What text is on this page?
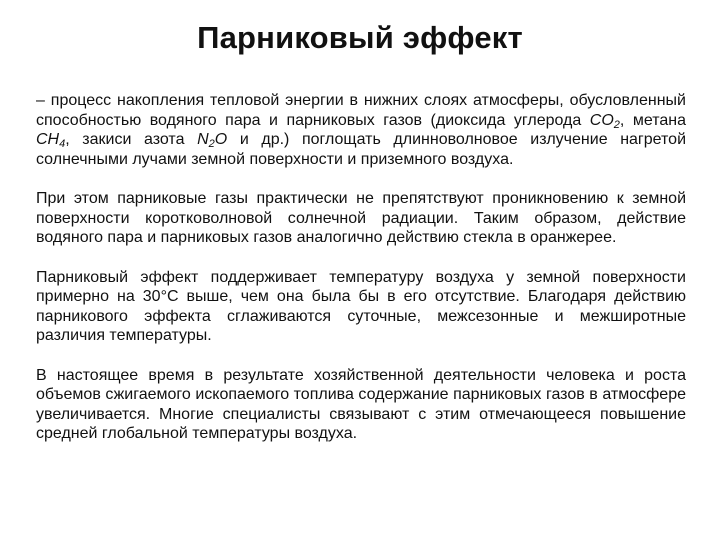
Парниковый эффект

– процесс накопления тепловой энергии в нижних слоях атмосферы, обусловленный способностью водяного пара и парниковых газов (диоксида углерода $CO_2$, метана $CH_4$, закиси азота $N_2O$ и др.) поглощать длинноволновое излучение нагретой солнечными лучами земной поверхности и приземного воздуха.

При этом парниковые газы практически не препятствуют проникновению к земной поверхности коротковолновой солнечной радиации. Таким образом, действие водяного пара и парниковых газов аналогично действию стекла в оранжерее.

Парниковый эффект поддерживает температуру воздуха у земной поверхности примерно на 30°С выше, чем она была бы в его отсутствие. Благодаря действию парникового эффекта сглаживаются суточные, межсезонные и межширотные различия температуры.

В настоящее время в результате хозяйственной деятельности человека и роста объемов сжигаемого ископаемого топлива содержание парниковых газов в атмосфере увеличивается. Многие специалисты связывают с этим отмечающееся повышение средней глобальной температуры воздуха.
